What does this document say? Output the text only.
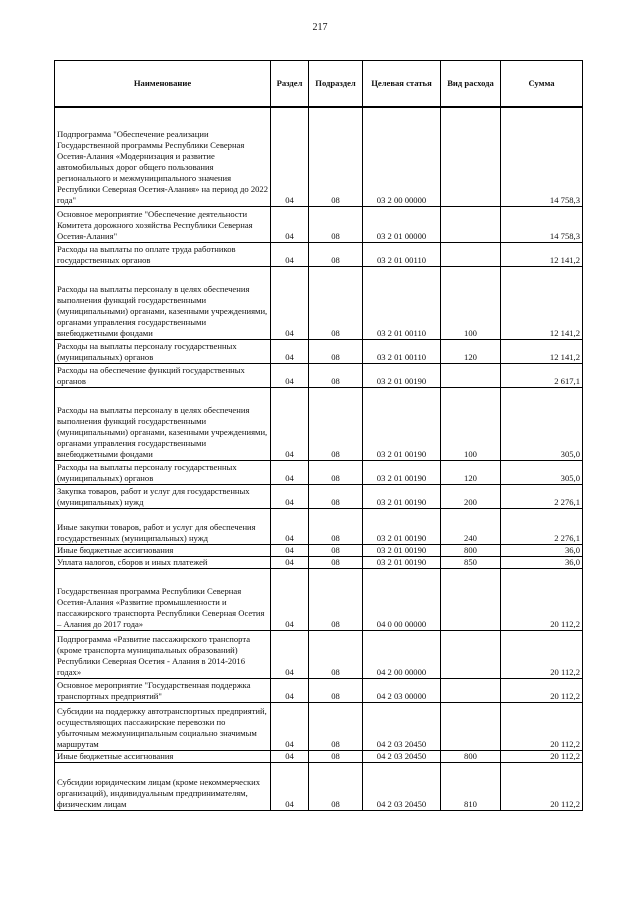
217
Наименование	Раздел	Подраздел	Целевая статья	Вид расхода	Сумма
Подпрограмма "Обеспечение реализации Государственной программы Республики Северная Осетия-Алания «Модернизация и развитие автомобильных дорог общего пользования регионального и межмуниципального значения Республики Северная Осетия-Алания» на период до 2022 года"	04	08	03 2 00 00000		14 758,3
Основное мероприятие "Обеспечение деятельности Комитета дорожного хозяйства Республики Северная Осетия-Алания"	04	08	03 2 01 00000		14 758,3
Расходы на выплаты по оплате труда работников государственных органов	04	08	03 2 01 00110		12 141,2
Расходы на выплаты персоналу в целях обеспечения выполнения функций государственными (муниципальными) органами, казенными учреждениями, органами управления государственными внебюджетными фондами	04	08	03 2 01 00110	100	12 141,2
Расходы на выплаты персоналу государственных (муниципальных) органов	04	08	03 2 01 00110	120	12 141,2
Расходы на обеспечение функций государственных органов	04	08	03 2 01 00190		2 617,1
Расходы на выплаты персоналу в целях обеспечения выполнения функций государственными (муниципальными) органами, казенными учреждениями, органами управления государственными внебюджетными фондами	04	08	03 2 01 00190	100	305,0
Расходы на выплаты персоналу государственных (муниципальных) органов	04	08	03 2 01 00190	120	305,0
Закупка товаров, работ и услуг для государственных (муниципальных) нужд	04	08	03 2 01 00190	200	2 276,1
Иные закупки товаров, работ и услуг для обеспечения государственных (муниципальных) нужд	04	08	03 2 01 00190	240	2 276,1
Иные бюджетные ассигнования	04	08	03 2 01 00190	800	36,0
Уплата налогов, сборов и иных платежей	04	08	03 2 01 00190	850	36,0
Государственная программа Республики Северная Осетия-Алания «Развитие промышленности и пассажирского транспорта Республики Северная Осетия – Алания до 2017 года»	04	08	04 0 00 00000		20 112,2
Подпрограмма «Развитие пассажирского транспорта (кроме транспорта муниципальных образований) Республики Северная Осетия - Алания в 2014-2016 годах»	04	08	04 2 00 00000		20 112,2
Основное мероприятие "Государственная поддержка транспортных предприятий"	04	08	04 2 03 00000		20 112,2
Субсидии на поддержку автотранспортных предприятий, осуществляющих пассажирские перевозки по убыточным межмуниципальным социально значимым маршрутам	04	08	04 2 03 20450		20 112,2
Иные бюджетные ассигнования	04	08	04 2 03 20450	800	20 112,2
Субсидии юридическим лицам (кроме некоммерческих организаций), индивидуальным предпринимателям, физическим лицам	04	08	04 2 03 20450	810	20 112,2
